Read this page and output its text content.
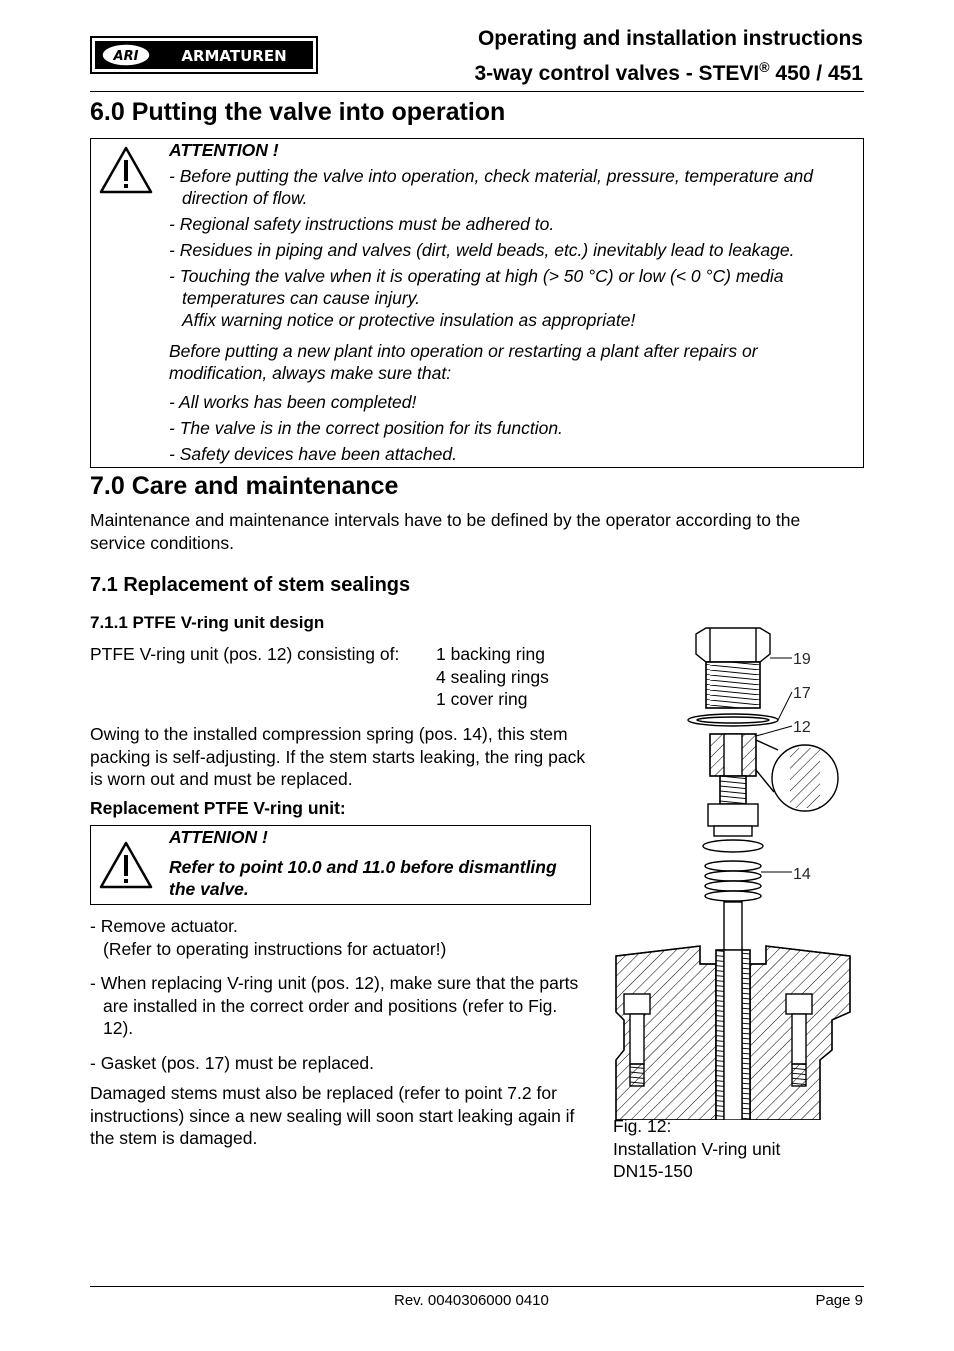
ARI	ARMATUREN
Operating and installation instructions
3-way control valves - STEVI® 450 / 451
6.0 Putting the valve into operation
ATTENTION !

- Before putting the valve into operation, check material, pressure, temperature and direction of flow.

- Regional safety instructions must be adhered to.

- Residues in piping and valves (dirt, weld beads, etc.) inevitably lead to leakage.

- Touching the valve when it is operating at high (> 50 °C) or low (< 0 °C) media temperatures can cause injury.

Affix warning notice or protective insulation as appropriate!

Before putting a new plant into operation or restarting a plant after repairs or modification, always make sure that:

- All works has been completed!

- The valve is in the correct position for its function.

- Safety devices have been attached.

7.0 Care and maintenance

Maintenance and maintenance intervals have to be defined by the operator according to the service conditions.

7.1 Replacement of stem sealings
7.1.1 PTFE V-ring unit design
PTFE V-ring unit (pos. 12) consisting of: 1 backing ring
4 sealing rings
1 cover ring

Owing to the installed compression spring (pos. 14), this stem packing is self-adjusting. If the stem starts leaking, the ring pack is worn out and must be replaced.

Replacement PTFE V-ring unit:
ATTENION !

Refer to point 10.0 and 11.0 before dismantling the valve.

- Remove actuator.

(Refer to operating instructions for actuator!)

- When replacing V-ring unit (pos. 12), make sure that the parts are installed in the correct order and positions (refer to Fig. 12).

- Gasket (pos. 17) must be replaced.

Damaged stems must also be replaced (refer to point 7.2 for instructions) since a new sealing will soon start leaking again if the stem is damaged.

19
17
12
14
Fig. 12:
Installation V-ring unit
DN15-150
Rev. 0040306000 0410	Page 9
